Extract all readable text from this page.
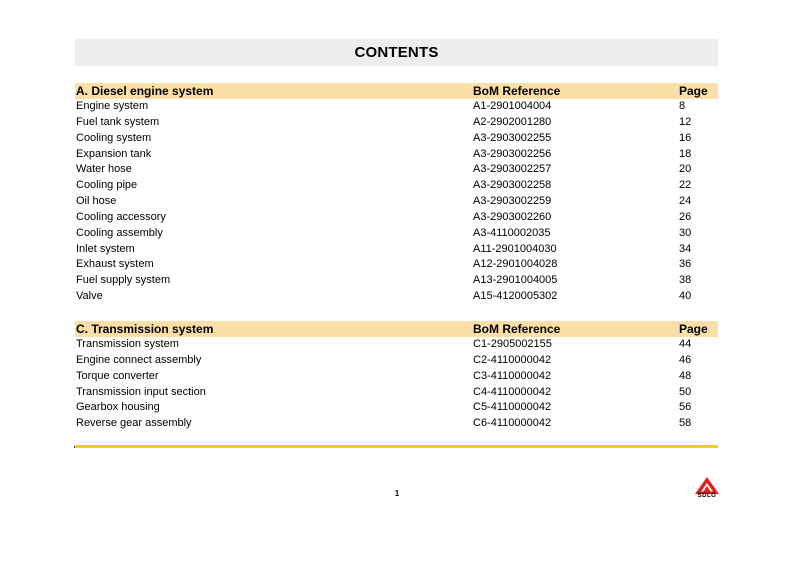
CONTENTS
A. Diesel engine system	BoM Reference	Page
Engine system	A1-2901004004	8
Fuel tank system	A2-2902001280	12
Cooling system	A3-2903002255	16
Expansion tank	A3-2903002256	18
Water hose	A3-2903002257	20
Cooling pipe	A3-2903002258	22
Oil hose	A3-2903002259	24
Cooling accessory	A3-2903002260	26
Cooling assembly	A3-4110002035	30
Inlet system	A11-2901004030	34
Exhaust system	A12-2901004028	36
Fuel supply system	A13-2901004005	38
Valve	A15-4120005302	40
C. Transmission system	BoM Reference	Page
Transmission system	C1-2905002155	44
Engine connect assembly	C2-4110000042	46
Torque converter	C3-4110000042	48
Transmission input section	C4-4110000042	50
Gearbox housing	C5-4110000042	56
Reverse gear assembly	C6-4110000042	58
1	SDLG
